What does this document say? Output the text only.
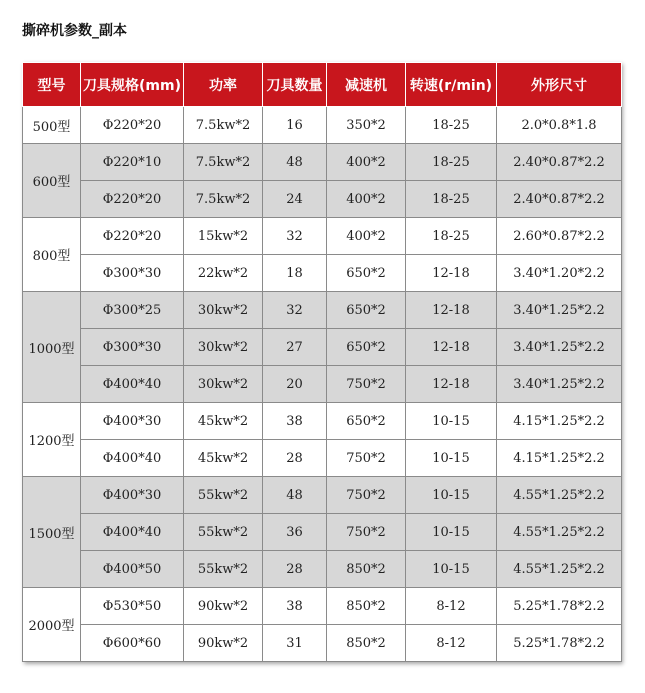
撕碎机参数_副本
型号	刀具规格(mm)	功率	刀具数量	减速机	转速(r/min)	外形尺寸
500型	Φ220*20	7.5kw*2	16	350*2	18-25	2.0*0.8*1.8
600型	Φ220*10	7.5kw*2	48	400*2	18-25	2.40*0.87*2.2
	Φ220*20	7.5kw*2	24	400*2	18-25	2.40*0.87*2.2
800型	Φ220*20	15kw*2	32	400*2	18-25	2.60*0.87*2.2
	Φ300*30	22kw*2	18	650*2	12-18	3.40*1.20*2.2
1000型	Φ300*25	30kw*2	32	650*2	12-18	3.40*1.25*2.2
	Φ300*30	30kw*2	27	650*2	12-18	3.40*1.25*2.2
	Φ400*40	30kw*2	20	750*2	12-18	3.40*1.25*2.2
1200型	Φ400*30	45kw*2	38	650*2	10-15	4.15*1.25*2.2
	Φ400*40	45kw*2	28	750*2	10-15	4.15*1.25*2.2
1500型	Φ400*30	55kw*2	48	750*2	10-15	4.55*1.25*2.2
	Φ400*40	55kw*2	36	750*2	10-15	4.55*1.25*2.2
	Φ400*50	55kw*2	28	850*2	10-15	4.55*1.25*2.2
2000型	Φ530*50	90kw*2	38	850*2	8-12	5.25*1.78*2.2
	Φ600*60	90kw*2	31	850*2	8-12	5.25*1.78*2.2
